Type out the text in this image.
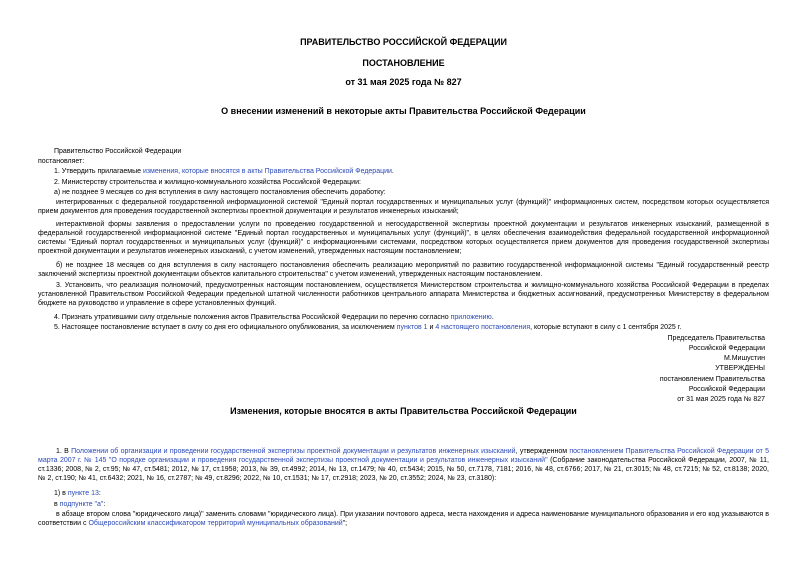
ПРАВИТЕЛЬСТВО РОССИЙСКОЙ ФЕДЕРАЦИИ
ПОСТАНОВЛЕНИЕ
от 31 мая 2025 года № 827
О внесении изменений в некоторые акты Правительства Российской Федерации
Правительство Российской Федерации
постановляет:
1. Утвердить прилагаемые изменения, которые вносятся в акты Правительства Российской Федерации.
2. Министерству строительства и жилищно-коммунального хозяйства Российской Федерации:
а) не позднее 9 месяцев со дня вступления в силу настоящего постановления обеспечить доработку:
интегрированных с федеральной государственной информационной системой "Единый портал государственных и муниципальных услуг (функций)" информационных систем, посредством которых осуществляется прием документов для проведения государственной экспертизы проектной документации и результатов инженерных изысканий;
интерактивной формы заявления о предоставлении услуги по проведению государственной и негосударственной экспертизы проектной документации и результатов инженерных изысканий, размещенной в федеральной государственной информационной системе "Единый портал государственных и муниципальных услуг (функций)", в целях обеспечения взаимодействия федеральной государственной информационной системы "Единый портал государственных и муниципальных услуг (функций)" с информационными системами, посредством которых осуществляется прием документов для проведения государственной экспертизы проектной документации и результатов инженерных изысканий, с учетом изменений, утвержденных настоящим постановлением;
б) не позднее 18 месяцев со дня вступления в силу настоящего постановления обеспечить реализацию мероприятий по развитию государственной информационной системы "Единый государственный реестр заключений экспертизы проектной документации объектов капитального строительства" с учетом изменений, утвержденных настоящим постановлением.
3. Установить, что реализация полномочий, предусмотренных настоящим постановлением, осуществляется Министерством строительства и жилищно-коммунального хозяйства Российской Федерации в пределах установленной Правительством Российской Федерации предельной штатной численности работников центрального аппарата Министерства и бюджетных ассигнований, предусмотренных Министерству в федеральном бюджете на руководство и управление в сфере установленных функций.
4. Признать утратившими силу отдельные положения актов Правительства Российской Федерации по перечню согласно приложению.
5. Настоящее постановление вступает в силу со дня его официального опубликования, за исключением пунктов 1 и 4 настоящего постановления, которые вступают в силу с 1 сентября 2025 г.
Председатель Правительства
Российской Федерации
М.Мишустин
УТВЕРЖДЕНЫ
постановлением Правительства
Российской Федерации
от 31 мая 2025 года № 827
Изменения, которые вносятся в акты Правительства Российской Федерации
1. В Положении об организации и проведении государственной экспертизы проектной документации и результатов инженерных изысканий, утвержденном постановлением Правительства Российской Федерации от 5 марта 2007 г. № 145 "О порядке организации и проведения государственной экспертизы проектной документации и результатов инженерных изысканий" (Собрание законодательства Российской Федерации, 2007, № 11, ст.1336; 2008, № 2, ст.95; № 47, ст.5481; 2012, № 17, ст.1958; 2013, № 39, ст.4992; 2014, № 13, ст.1479; № 40, ст.5434; 2015, № 50, ст.7178, 7181; 2016, № 48, ст.6766; 2017, № 21, ст.3015; № 48, ст.7215; № 52, ст.8138; 2020, № 2, ст.190; № 41, ст.6432; 2021, № 16, ст.2787; № 49, ст.8296; 2022, № 10, ст.1531; № 17, ст.2918; 2023, № 20, ст.3552; 2024, № 23, ст.3180):
1) в пункте 13:
в подпункте "а":
в абзаце втором слова "юридического лица)" заменить словами "юридического лица). При указании почтового адреса, места нахождения и адреса наименование муниципального образования и его код указываются в соответствии с Общероссийским классификатором территорий муниципальных образований";
